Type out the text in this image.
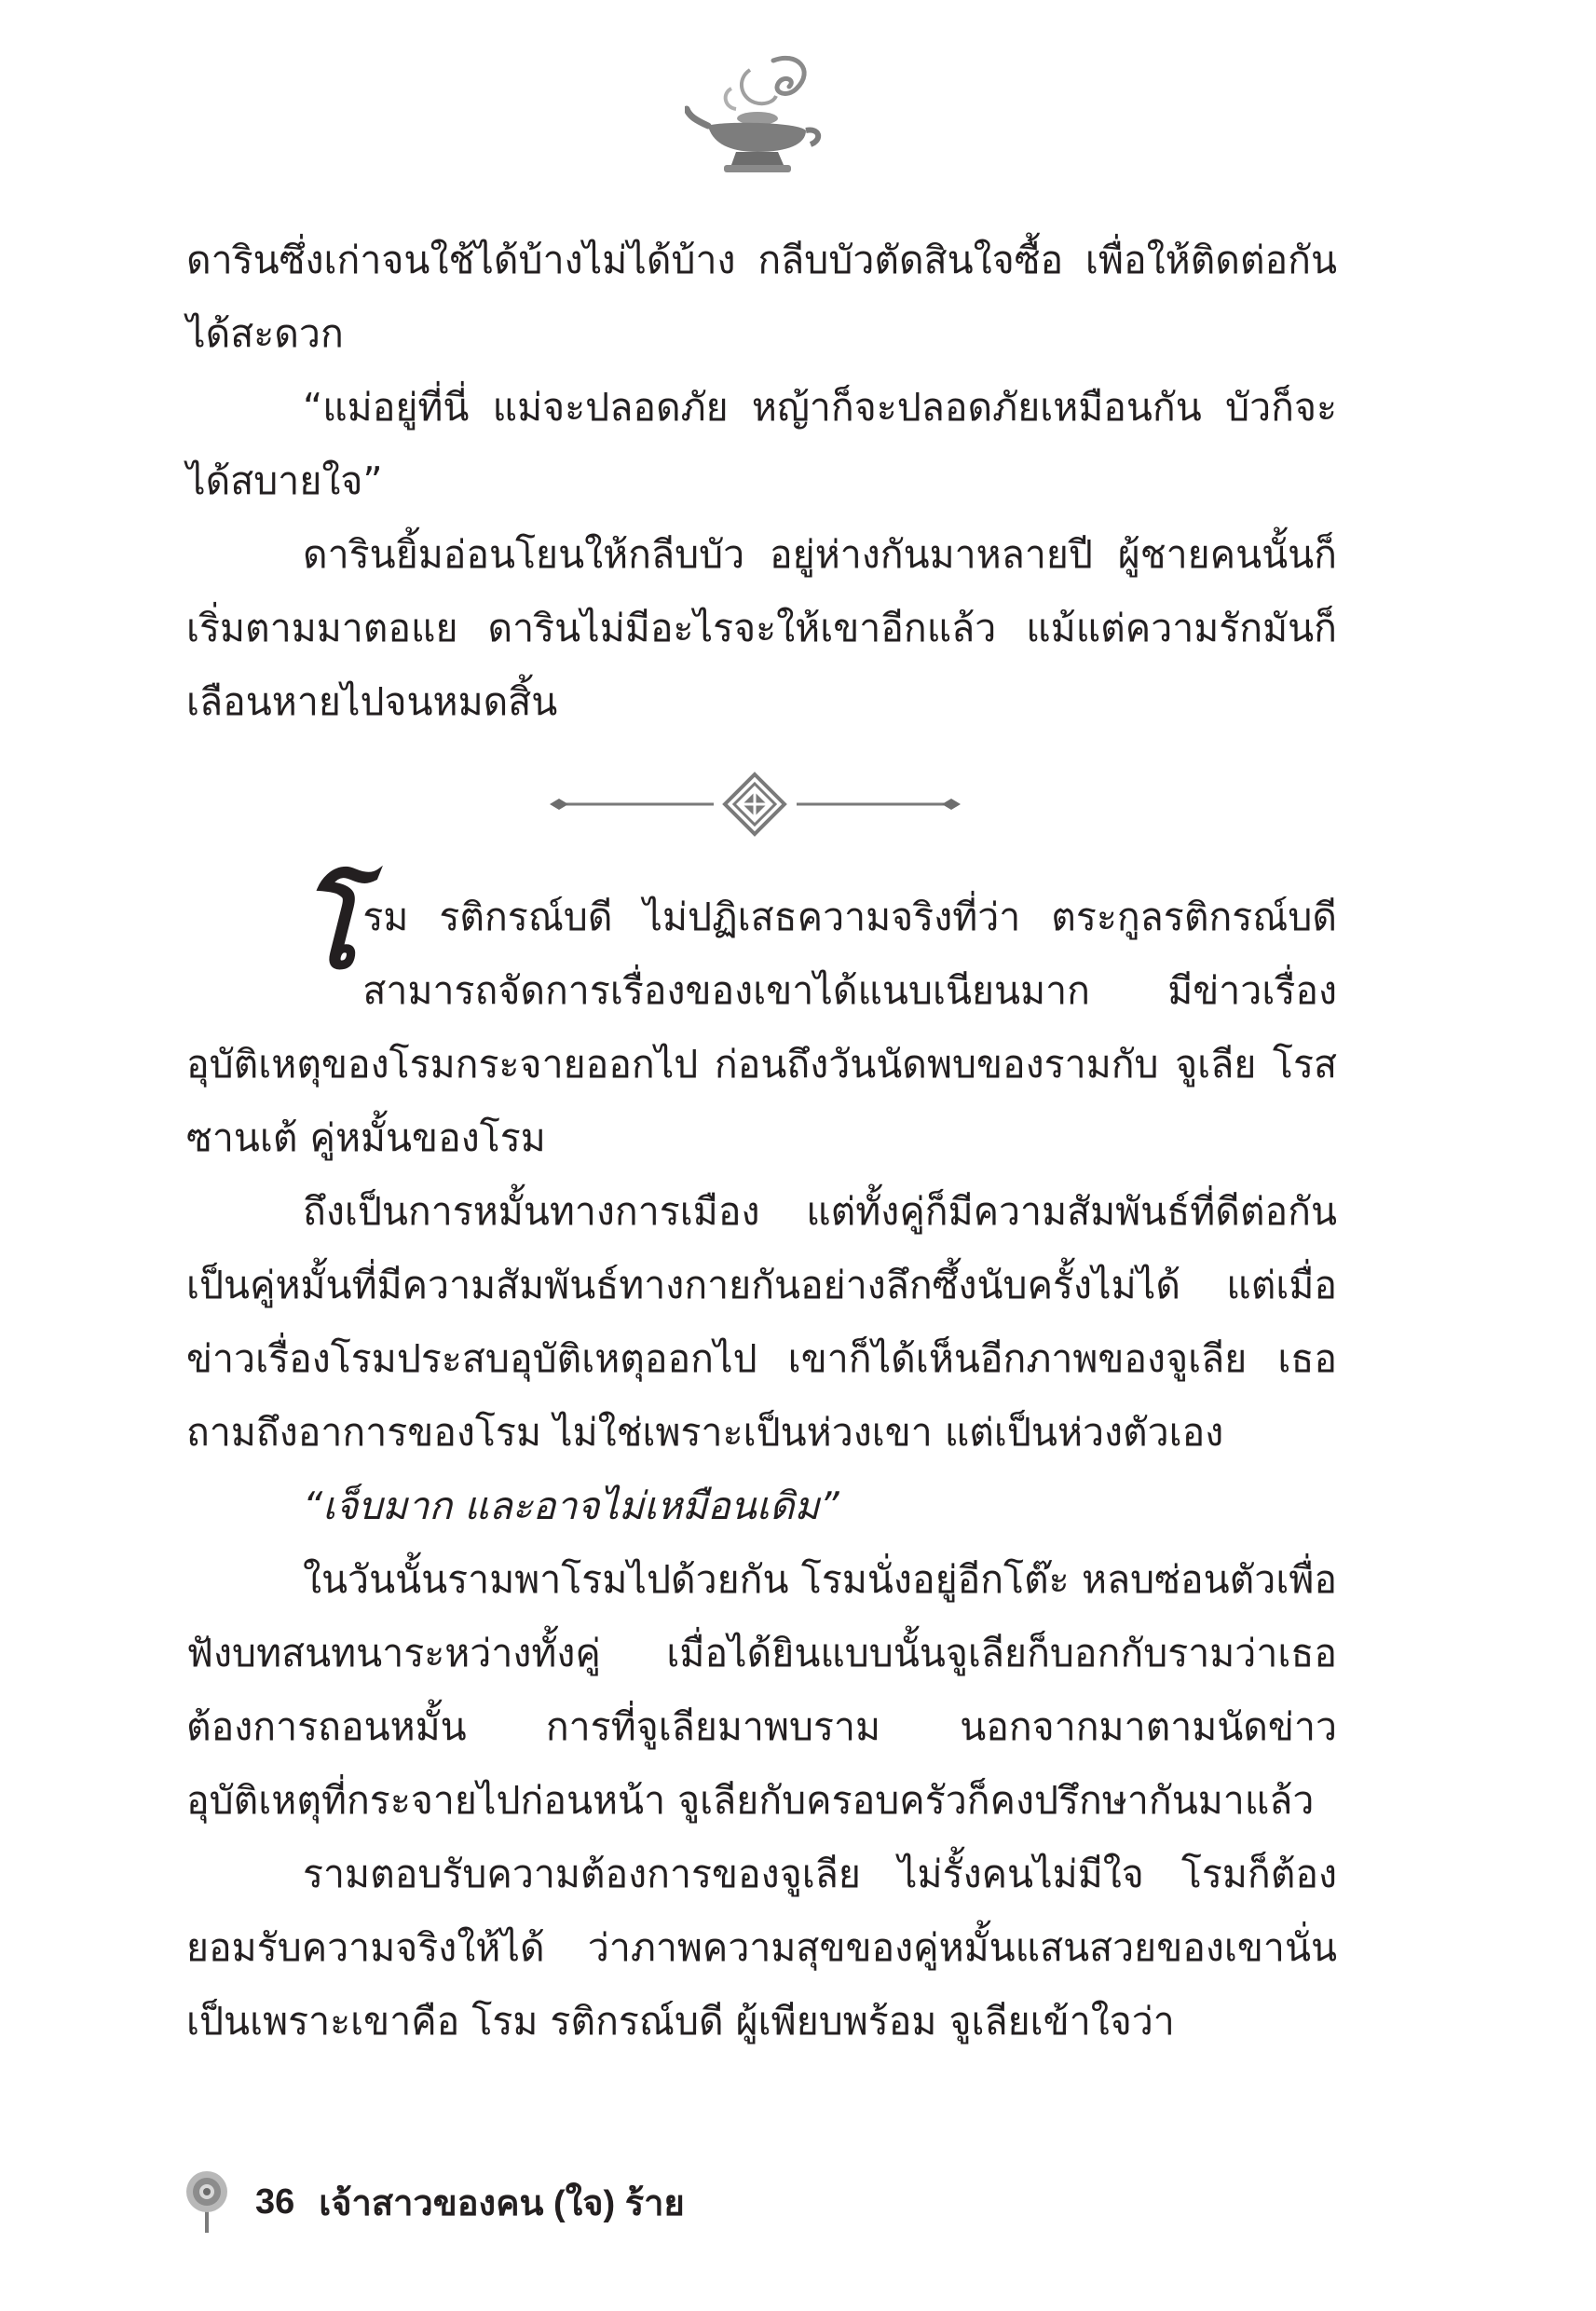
ดารินซึ่งเก่าจนใช้ได้บ้างไม่ได้บ้าง กลีบบัวตัดสินใจซื้อ เพื่อให้ติดต่อกันได้สะดวก

“แม่อยู่ที่นี่ แม่จะปลอดภัย หญ้าก็จะปลอดภัยเหมือนกัน บัวก็จะได้สบายใจ”

ดารินยิ้มอ่อนโยนให้กลีบบัว อยู่ห่างกันมาหลายปี ผู้ชายคนนั้นก็เริ่มตามมาตอแย ดารินไม่มีอะไรจะให้เขาอีกแล้ว แม้แต่ความรักมันก็เลือนหายไปจนหมดสิ้น

โรม รติกรณ์บดี ไม่ปฏิเสธความจริงที่ว่า ตระกูลรติกรณ์บดีสามารถจัดการเรื่องของเขาได้แนบเนียนมาก มีข่าวเรื่องอุบัติเหตุของโรมกระจายออกไป ก่อนถึงวันนัดพบของรามกับ จูเลีย โรส ซานเต้ คู่หมั้นของโรม

ถึงเป็นการหมั้นทางการเมือง แต่ทั้งคู่ก็มีความสัมพันธ์ที่ดีต่อกันเป็นคู่หมั้นที่มีความสัมพันธ์ทางกายกันอย่างลึกซึ้งนับครั้งไม่ได้ แต่เมื่อข่าวเรื่องโรมประสบอุบัติเหตุออกไป เขาก็ได้เห็นอีกภาพของจูเลีย เธอถามถึงอาการของโรม ไม่ใช่เพราะเป็นห่วงเขา แต่เป็นห่วงตัวเอง

“เจ็บมาก และอาจไม่เหมือนเดิม”

ในวันนั้นรามพาโรมไปด้วยกัน โรมนั่งอยู่อีกโต๊ะ หลบซ่อนตัวเพื่อฟังบทสนทนาระหว่างทั้งคู่ เมื่อได้ยินแบบนั้นจูเลียก็บอกกับรามว่าเธอต้องการถอนหมั้น การที่จูเลียมาพบราม นอกจากมาตามนัดข่าวอุบัติเหตุที่กระจายไปก่อนหน้า จูเลียกับครอบครัวก็คงปรึกษากันมาแล้ว

รามตอบรับความต้องการของจูเลีย ไม่รั้งคนไม่มีใจ โรมก็ต้องยอมรับความจริงให้ได้ ว่าภาพความสุขของคู่หมั้นแสนสวยของเขานั่นเป็นเพราะเขาคือ โรม รติกรณ์บดี ผู้เพียบพร้อม จูเลียเข้าใจว่า

36 เจ้าสาวของคน (ใจ) ร้าย
